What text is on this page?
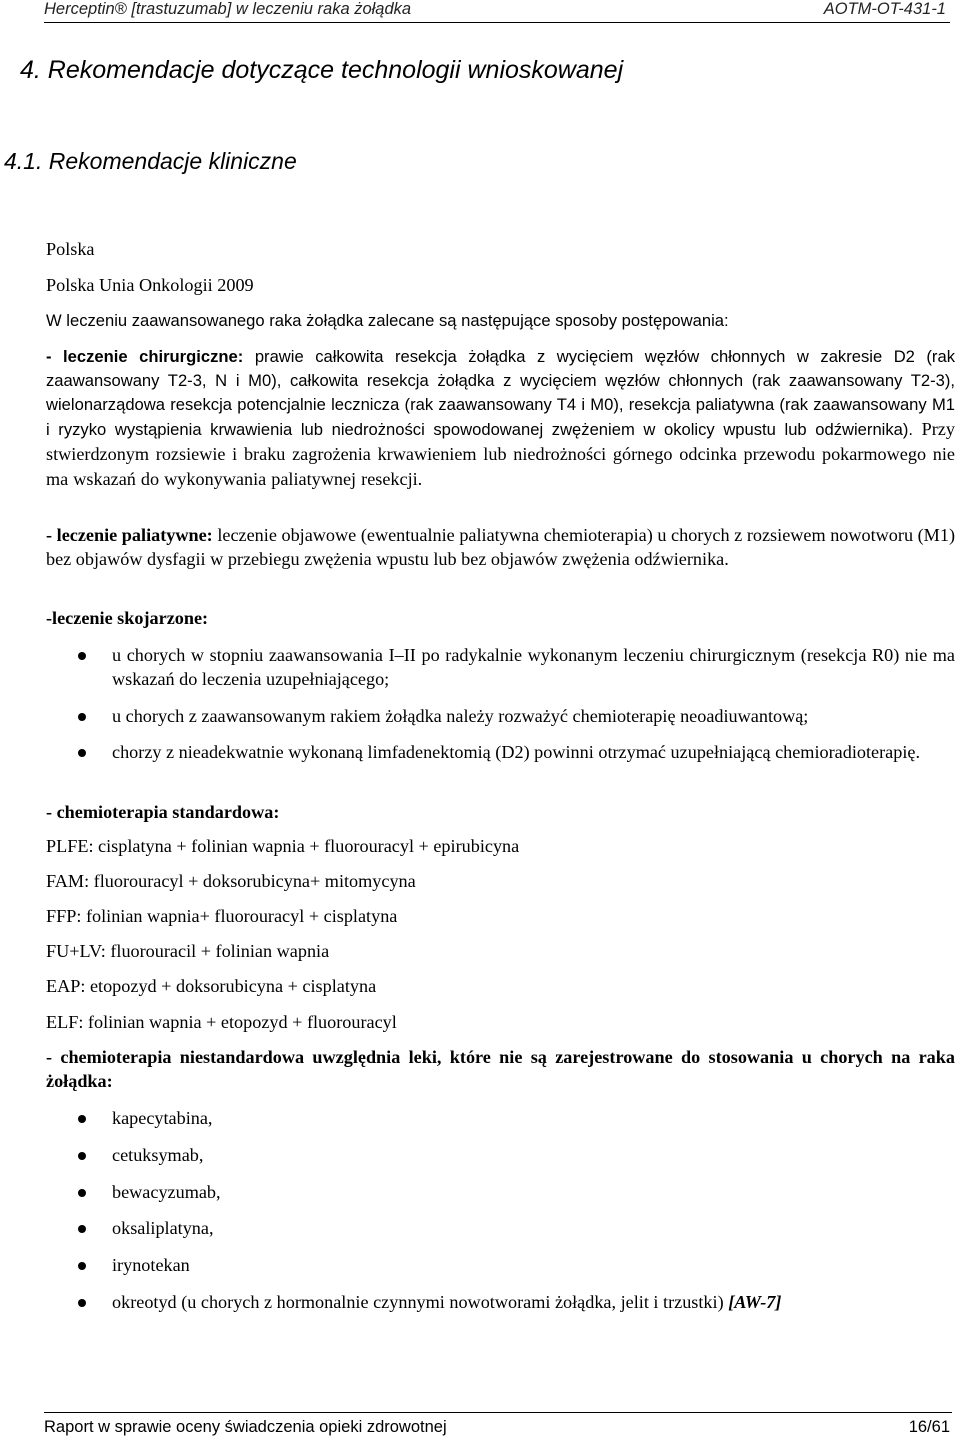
Herceptin® [trastuzumab] w leczeniu raka żołądka	AOTM-OT-431-1
4. Rekomendacje dotyczące technologii wnioskowanej
4.1. Rekomendacje kliniczne
Polska
Polska Unia Onkologii 2009
W leczeniu zaawansowanego raka żołądka zalecane są następujące sposoby postępowania:
- leczenie chirurgiczne: prawie całkowita resekcja żołądka z wycięciem węzłów chłonnych w zakresie D2 (rak zaawansowany T2-3, N i M0), całkowita resekcja żołądka z wycięciem węzłów chłonnych (rak zaawansowany T2-3), wielonarządowa resekcja potencjalnie lecznicza (rak zaawansowany T4 i M0), resekcja paliatywna (rak zaawansowany M1 i ryzyko wystąpienia krwawienia lub niedrożności spowodowanej zwężeniem w okolicy wpustu lub odźwiernika). Przy stwierdzonym rozsiewie i braku zagrożenia krwawieniem lub niedrożności górnego odcinka przewodu pokarmowego nie ma wskazań do wykonywania paliatywnej resekcji.
- leczenie paliatywne: leczenie objawowe (ewentualnie paliatywna chemioterapia) u chorych z rozsiewem nowotworu (M1) bez objawów dysfagii w przebiegu zwężenia wpustu lub bez objawów zwężenia odźwiernika.
-leczenie skojarzone:
u chorych w stopniu zaawansowania I–II po radykalnie wykonanym leczeniu chirurgicznym (resekcja R0) nie ma wskazań do leczenia uzupełniającego;
u chorych z zaawansowanym rakiem żołądka należy rozważyć chemioterapię neoadiuwantową;
chorzy z nieadekwatnie wykonaną limfadenektomią (D2) powinni otrzymać uzupełniającą chemioradioterapię.
- chemioterapia standardowa:
PLFE: cisplatyna + folinian wapnia + fluorouracyl + epirubicyna
FAM: fluorouracyl + doksorubicyna+ mitomycyna
FFP: folinian wapnia+ fluorouracyl + cisplatyna
FU+LV: fluorouracil + folinian wapnia
EAP: etopozyd + doksorubicyna + cisplatyna
ELF: folinian wapnia + etopozyd + fluorouracyl
- chemioterapia niestandardowa uwzględnia leki, które nie są zarejestrowane do stosowania u chorych na raka żołądka:
kapecytabina,
cetuksymab,
bewacyzumab,
oksaliplatyna,
irynotekan
okreotyd (u chorych z hormonalnie czynnymi nowotworami żołądka, jelit i trzustki) [AW-7]
Raport w sprawie oceny świadczenia opieki zdrowotnej	16/61
